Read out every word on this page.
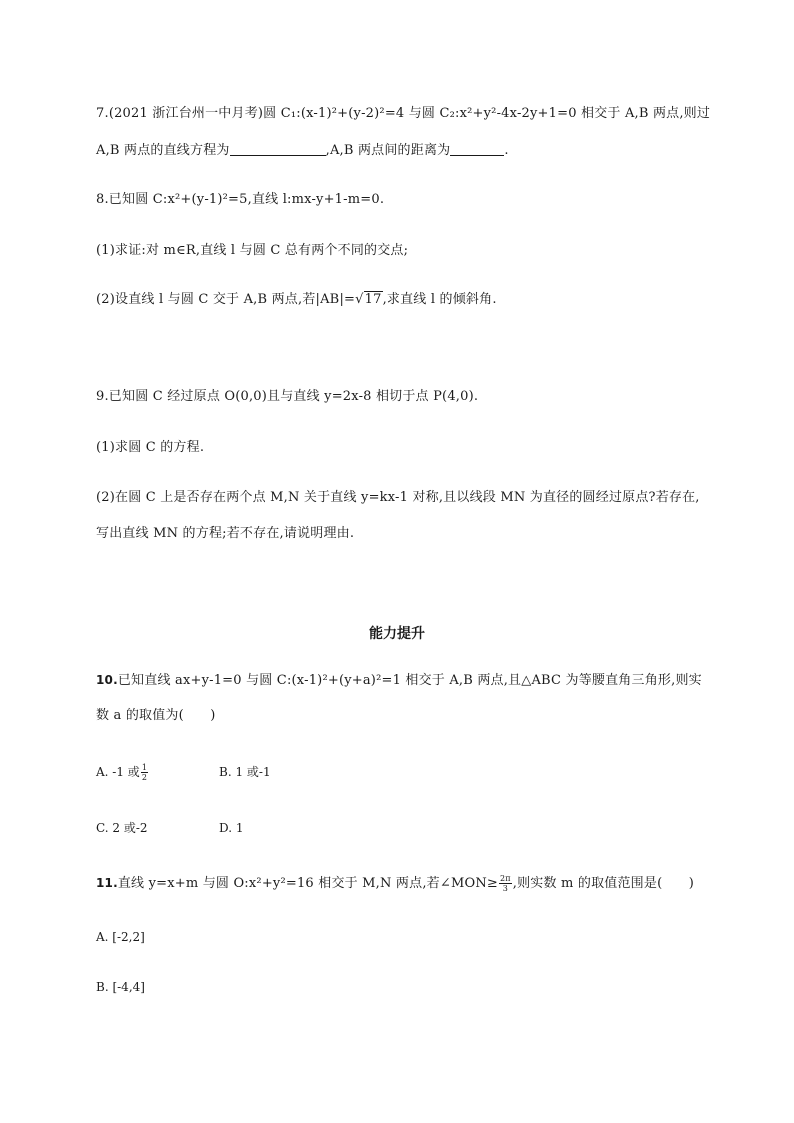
7.(2021 浙江台州一中月考)圆 C₁:(x-1)²+(y-2)²=4 与圆 C₂:x²+y²-4x-2y+1=0 相交于 A,B 两点,则过
A,B 两点的直线方程为	,A,B 两点间的距离为	.
8.已知圆 C:x²+(y-1)²=5,直线 l:mx-y+1-m=0.
(1)求证:对 m∈R,直线 l 与圆 C 总有两个不同的交点;
(2)设直线 l 与圆 C 交于 A,B 两点,若|AB|=√17,求直线 l 的倾斜角.
9.已知圆 C 经过原点 O(0,0)且与直线 y=2x-8 相切于点 P(4,0).
(1)求圆 C 的方程.
(2)在圆 C 上是否存在两个点 M,N 关于直线 y=kx-1 对称,且以线段 MN 为直径的圆经过原点?若存在,
写出直线 MN 的方程;若不存在,请说明理由.
能力提升
10.已知直线 ax+y-1=0 与圆 C:(x-1)²+(y+a)²=1 相交于 A,B 两点,且△ABC 为等腰直角三角形,则实
数 a 的取值为(　　)
A. -1 或 $\frac{1}{2}$	B. 1 或-1
C. 2 或-2	D. 1
11.直线 y=x+m 与圆 O:x²+y²=16 相交于 M,N 两点,若∠MON≥ $\frac{2\pi}{3}$ ,则实数 m 的取值范围是(　　)
A. [-2,2]
B. [-4,4]
